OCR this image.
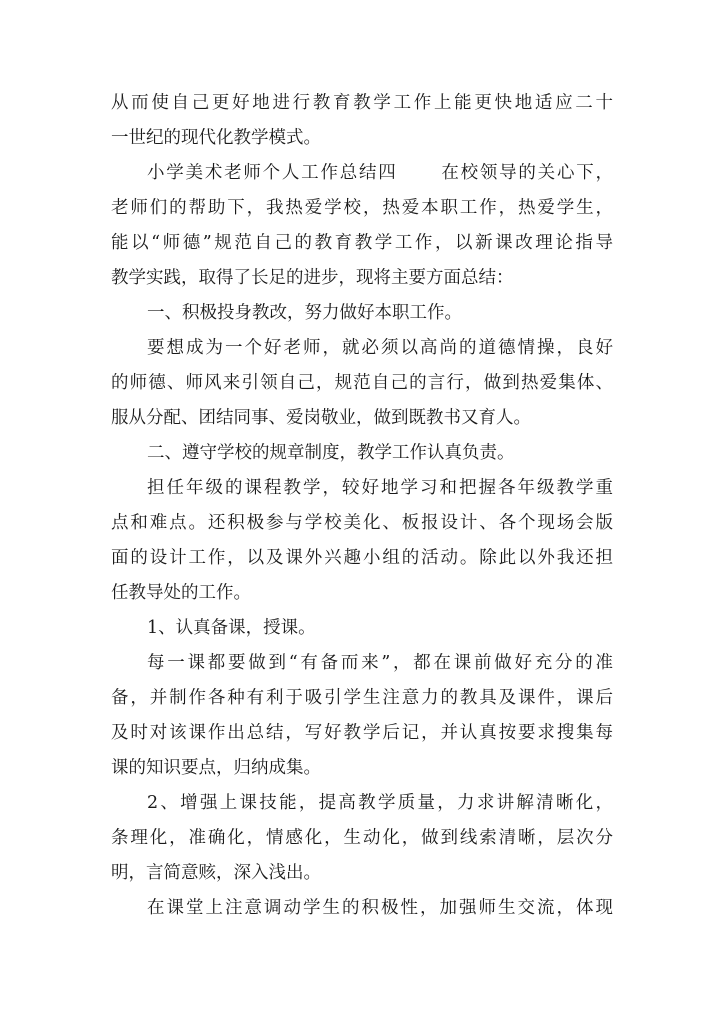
从而使自己更好地进行教育教学工作上能更快地适应二十
一世纪的现代化教学模式。
小学美术老师个人工作总结四 在校领导的关心下，
老师们的帮助下，我热爱学校，热爱本职工作，热爱学生，
能以“师德”规范自己的教育教学工作，以新课改理论指导
教学实践，取得了长足的进步，现将主要方面总结：
一、积极投身教改，努力做好本职工作。
要想成为一个好老师，就必须以高尚的道德情操，良好
的师德、师风来引领自己，规范自己的言行，做到热爱集体、
服从分配、团结同事、爱岗敬业，做到既教书又育人。
二、遵守学校的规章制度，教学工作认真负责。
担任年级的课程教学，较好地学习和把握各年级教学重
点和难点。还积极参与学校美化、板报设计、各个现场会版
面的设计工作，以及课外兴趣小组的活动。除此以外我还担
任教导处的工作。
1、认真备课，授课。
每一课都要做到“有备而来”，都在课前做好充分的准
备，并制作各种有利于吸引学生注意力的教具及课件，课后
及时对该课作出总结，写好教学后记，并认真按要求搜集每
课的知识要点，归纳成集。
2、增强上课技能，提高教学质量，力求讲解清晰化，
条理化，准确化，情感化，生动化，做到线索清晰，层次分
明，言简意赅，深入浅出。
在课堂上注意调动学生的积极性，加强师生交流，体现
